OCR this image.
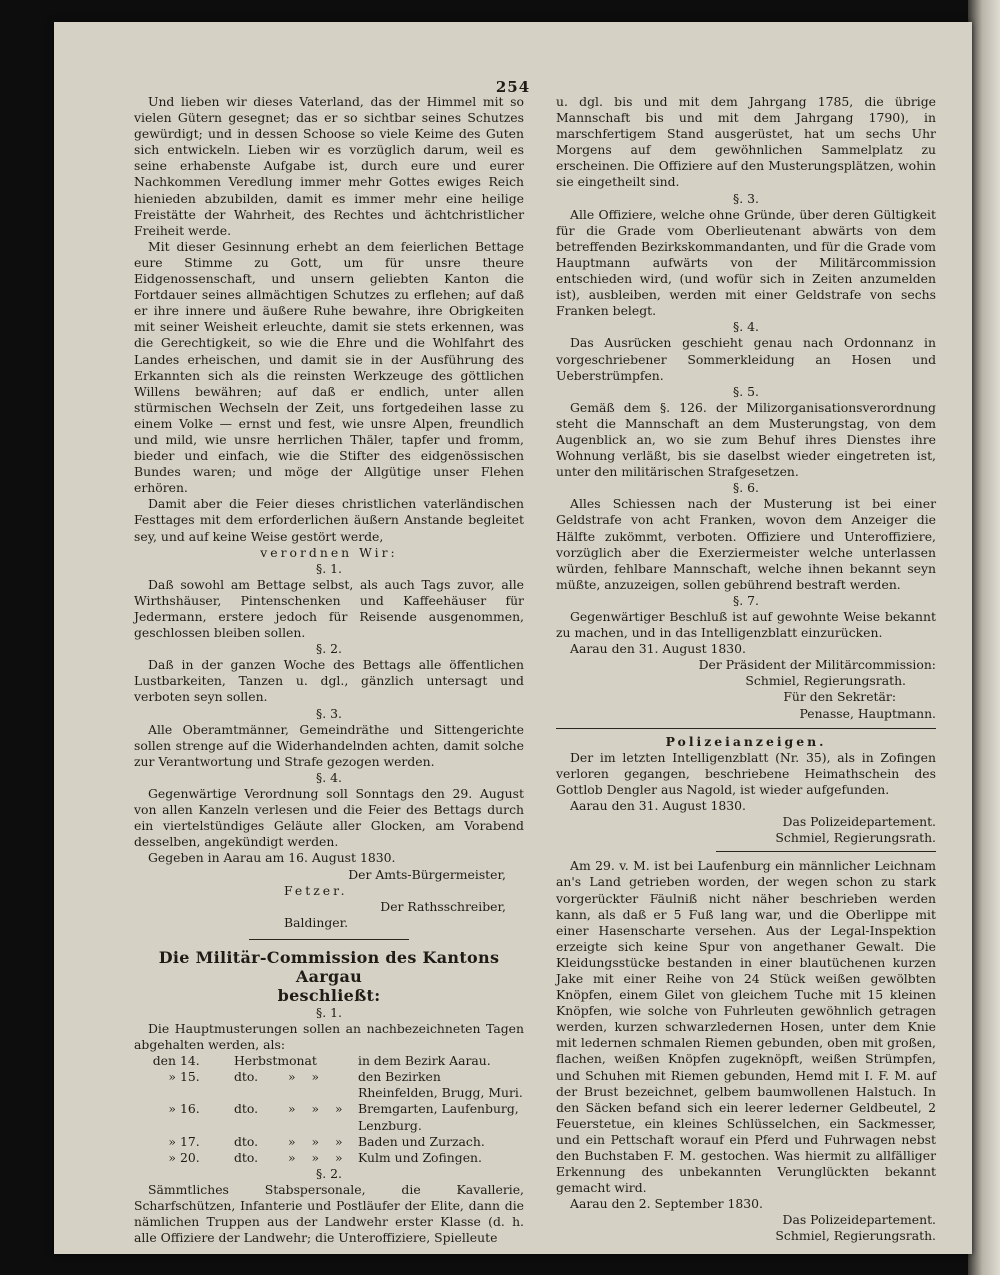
254

Und lieben wir dieses Vaterland, das der Himmel mit so vielen Gütern gesegnet; das er so sichtbar seines Schutzes gewürdigt; und in dessen Schoose so viele Keime des Guten sich entwickeln. Lieben wir es vorzüglich darum, weil es seine erhabenste Aufgabe ist, durch eure und eurer Nachkommen Veredlung immer mehr Gottes ewiges Reich hienieden abzubilden, damit es immer mehr eine heilige Freistätte der Wahrheit, des Rechtes und ächtchristlicher Freiheit werde.

Mit dieser Gesinnung erhebt an dem feierlichen Bettage eure Stimme zu Gott, um für unsre theure Eidgenossenschaft, und unsern geliebten Kanton die Fortdauer seines allmächtigen Schutzes zu erflehen; auf daß er ihre innere und äußere Ruhe bewahre, ihre Obrigkeiten mit seiner Weisheit erleuchte, damit sie stets erkennen, was die Gerechtigkeit, so wie die Ehre und die Wohlfahrt des Landes erheischen, und damit sie in der Ausführung des Erkannten sich als die reinsten Werkzeuge des göttlichen Willens bewähren; auf daß er endlich, unter allen stürmischen Wechseln der Zeit, uns fortgedeihen lasse zu einem Volke — ernst und fest, wie unsre Alpen, freundlich und mild, wie unsre herrlichen Thäler, tapfer und fromm, bieder und einfach, wie die Stifter des eidgenössischen Bundes waren; und möge der Allgütige unser Flehen erhören.

Damit aber die Feier dieses christlichen vaterländischen Festtages mit dem erforderlichen äußern Anstande begleitet sey, und auf keine Weise gestört werde,

verordnen Wir:

§. 1.

Daß sowohl am Bettage selbst, als auch Tags zuvor, alle Wirthshäuser, Pintenschenken und Kaffeehäuser für Jedermann, erstere jedoch für Reisende ausgenommen, geschlossen bleiben sollen.

§. 2.

Daß in der ganzen Woche des Bettags alle öffentlichen Lustbarkeiten, Tanzen u. dgl., gänzlich untersagt und verboten seyn sollen.

§. 3.

Alle Oberamtmänner, Gemeindräthe und Sittengerichte sollen strenge auf die Widerhandelnden achten, damit solche zur Verantwortung und Strafe gezogen werden.

§. 4.

Gegenwärtige Verordnung soll Sonntags den 29. August von allen Kanzeln verlesen und die Feier des Bettags durch ein viertelstündiges Geläute aller Glocken, am Vorabend desselben, angekündigt werden.

Gegeben in Aarau am 16. August 1830.

Der Amts-Bürgermeister,

Fetzer.

Der Rathsschreiber,

Baldinger.

Die Militär-Commission des Kantons Aargau

beschließt:

§. 1.

Die Hauptmusterungen sollen an nachbezeichneten Tagen abgehalten werden, als:

den	14.	Herbstmonat		in dem Bezirk Aarau.
»	15.	dto.	» »	den Bezirken Rheinfelden, Brugg, Muri.
»	16.	dto.	» » »	Bremgarten, Laufenburg, Lenzburg.
»	17.	dto.	» » »	Baden und Zurzach.
»	20.	dto.	» » »	Kulm und Zofingen.

§. 2.

Sämmtliches Stabspersonale, die Kavallerie, Scharfschützen, Infanterie und Postläufer der Elite, dann die nämlichen Truppen aus der Landwehr erster Klasse (d. h. alle Offiziere der Landwehr; die Unteroffiziere, Spielleute

u. dgl. bis und mit dem Jahrgang 1785, die übrige Mannschaft bis und mit dem Jahrgang 1790), in marschfertigem Stand ausgerüstet, hat um sechs Uhr Morgens auf dem gewöhnlichen Sammelplatz zu erscheinen. Die Offiziere auf den Musterungsplätzen, wohin sie eingetheilt sind.

§. 3.

Alle Offiziere, welche ohne Gründe, über deren Gültigkeit für die Grade vom Oberlieutenant abwärts von dem betreffenden Bezirkskommandanten, und für die Grade vom Hauptmann aufwärts von der Militärcommission entschieden wird, (und wofür sich in Zeiten anzumelden ist), ausbleiben, werden mit einer Geldstrafe von sechs Franken belegt.

§. 4.

Das Ausrücken geschieht genau nach Ordonnanz in vorgeschriebener Sommerkleidung an Hosen und Ueberstrümpfen.

§. 5.

Gemäß dem §. 126. der Milizorganisationsverordnung steht die Mannschaft an dem Musterungstag, von dem Augenblick an, wo sie zum Behuf ihres Dienstes ihre Wohnung verläßt, bis sie daselbst wieder eingetreten ist, unter den militärischen Strafgesetzen.

§. 6.

Alles Schiessen nach der Musterung ist bei einer Geldstrafe von acht Franken, wovon dem Anzeiger die Hälfte zukömmt, verboten. Offiziere und Unteroffiziere, vorzüglich aber die Exerziermeister welche unterlassen würden, fehlbare Mannschaft, welche ihnen bekannt seyn müßte, anzuzeigen, sollen gebührend bestraft werden.

§. 7.

Gegenwärtiger Beschluß ist auf gewohnte Weise bekannt zu machen, und in das Intelligenzblatt einzurücken.

Aarau den 31. August 1830.

Der Präsident der Militärcommission:

Schmiel, Regierungsrath.

Für den Sekretär:

Penasse, Hauptmann.

Polizeianzeigen.

Der im letzten Intelligenzblatt (Nr. 35), als in Zofingen verloren gegangen, beschriebene Heimathschein des Gottlob Dengler aus Nagold, ist wieder aufgefunden.

Aarau den 31. August 1830.

Das Polizeidepartement.

Schmiel, Regierungsrath.

Am 29. v. M. ist bei Laufenburg ein männlicher Leichnam an's Land getrieben worden, der wegen schon zu stark vorgerückter Fäulniß nicht näher beschrieben werden kann, als daß er 5 Fuß lang war, und die Oberlippe mit einer Hasenscharte versehen. Aus der Legal-Inspektion erzeigte sich keine Spur von angethaner Gewalt. Die Kleidungsstücke bestanden in einer blautüchenen kurzen Jake mit einer Reihe von 24 Stück weißen gewölbten Knöpfen, einem Gilet von gleichem Tuche mit 15 kleinen Knöpfen, wie solche von Fuhrleuten gewöhnlich getragen werden, kurzen schwarzledernen Hosen, unter dem Knie mit ledernen schmalen Riemen gebunden, oben mit großen, flachen, weißen Knöpfen zugeknöpft, weißen Strümpfen, und Schuhen mit Riemen gebunden, Hemd mit I. F. M. auf der Brust bezeichnet, gelbem baumwollenen Halstuch. In den Säcken befand sich ein leerer lederner Geldbeutel, 2 Feuerstetue, ein kleines Schlüsselchen, ein Sackmesser, und ein Pettschaft worauf ein Pferd und Fuhrwagen nebst den Buchstaben F. M. gestochen. Was hiermit zu allfälliger Erkennung des unbekannten Verunglückten bekannt gemacht wird.

Aarau den 2. September 1830.

Das Polizeidepartement.

Schmiel, Regierungsrath.
